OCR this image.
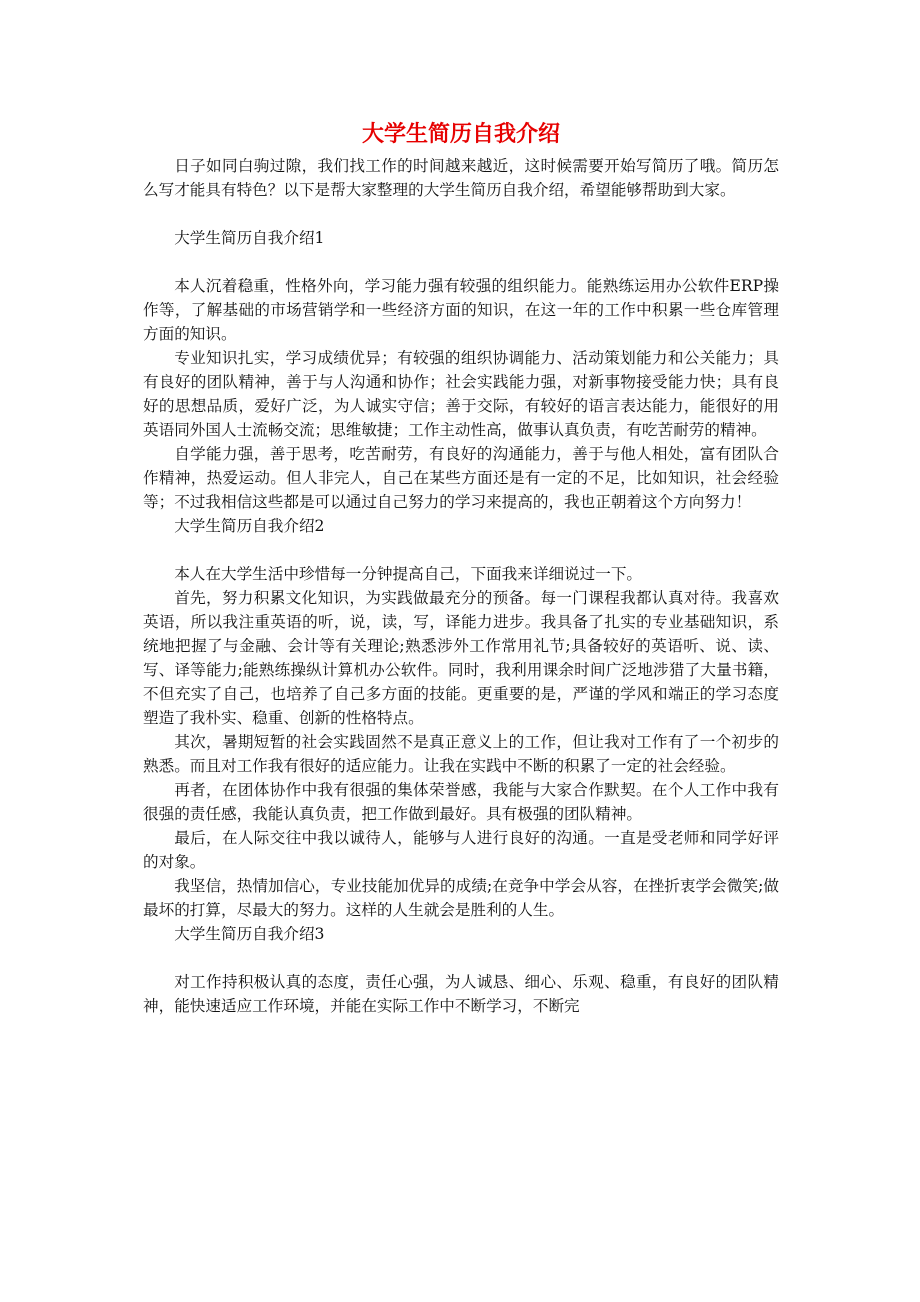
大学生简历自我介绍

日子如同白驹过隙，我们找工作的时间越来越近，这时候需要开始写简历了哦。简历怎么写才能具有特色？以下是帮大家整理的大学生简历自我介绍，希望能够帮助到大家。

大学生简历自我介绍1

本人沉着稳重，性格外向，学习能力强有较强的组织能力。能熟练运用办公软件ERP操作等，了解基础的市场营销学和一些经济方面的知识，在这一年的工作中积累一些仓库管理方面的知识。

专业知识扎实，学习成绩优异；有较强的组织协调能力、活动策划能力和公关能力；具有良好的团队精神，善于与人沟通和协作；社会实践能力强，对新事物接受能力快；具有良好的思想品质，爱好广泛，为人诚实守信；善于交际，有较好的语言表达能力，能很好的用英语同外国人士流畅交流；思维敏捷；工作主动性高，做事认真负责，有吃苦耐劳的精神。

自学能力强，善于思考，吃苦耐劳，有良好的沟通能力，善于与他人相处，富有团队合作精神，热爱运动。但人非完人，自己在某些方面还是有一定的不足，比如知识，社会经验等；不过我相信这些都是可以通过自己努力的学习来提高的，我也正朝着这个方向努力！

大学生简历自我介绍2

本人在大学生活中珍惜每一分钟提高自己，下面我来详细说过一下。

首先，努力积累文化知识，为实践做最充分的预备。每一门课程我都认真对待。我喜欢英语，所以我注重英语的听，说，读，写，译能力进步。我具备了扎实的专业基础知识，系统地把握了与金融、会计等有关理论;熟悉涉外工作常用礼节;具备较好的英语听、说、读、写、译等能力;能熟练操纵计算机办公软件。同时，我利用课余时间广泛地涉猎了大量书籍，不但充实了自己，也培养了自己多方面的技能。更重要的是，严谨的学风和端正的学习态度塑造了我朴实、稳重、创新的性格特点。

其次，暑期短暂的社会实践固然不是真正意义上的工作，但让我对工作有了一个初步的熟悉。而且对工作我有很好的适应能力。让我在实践中不断的积累了一定的社会经验。

再者，在团体协作中我有很强的集体荣誉感，我能与大家合作默契。在个人工作中我有很强的责任感，我能认真负责，把工作做到最好。具有极强的团队精神。

最后，在人际交往中我以诚待人，能够与人进行良好的沟通。一直是受老师和同学好评的对象。

我坚信，热情加信心，专业技能加优异的成绩;在竞争中学会从容，在挫折衷学会微笑;做最坏的打算，尽最大的努力。这样的人生就会是胜利的人生。

大学生简历自我介绍3

对工作持积极认真的态度，责任心强，为人诚恳、细心、乐观、稳重，有良好的团队精神，能快速适应工作环境，并能在实际工作中不断学习，不断完
